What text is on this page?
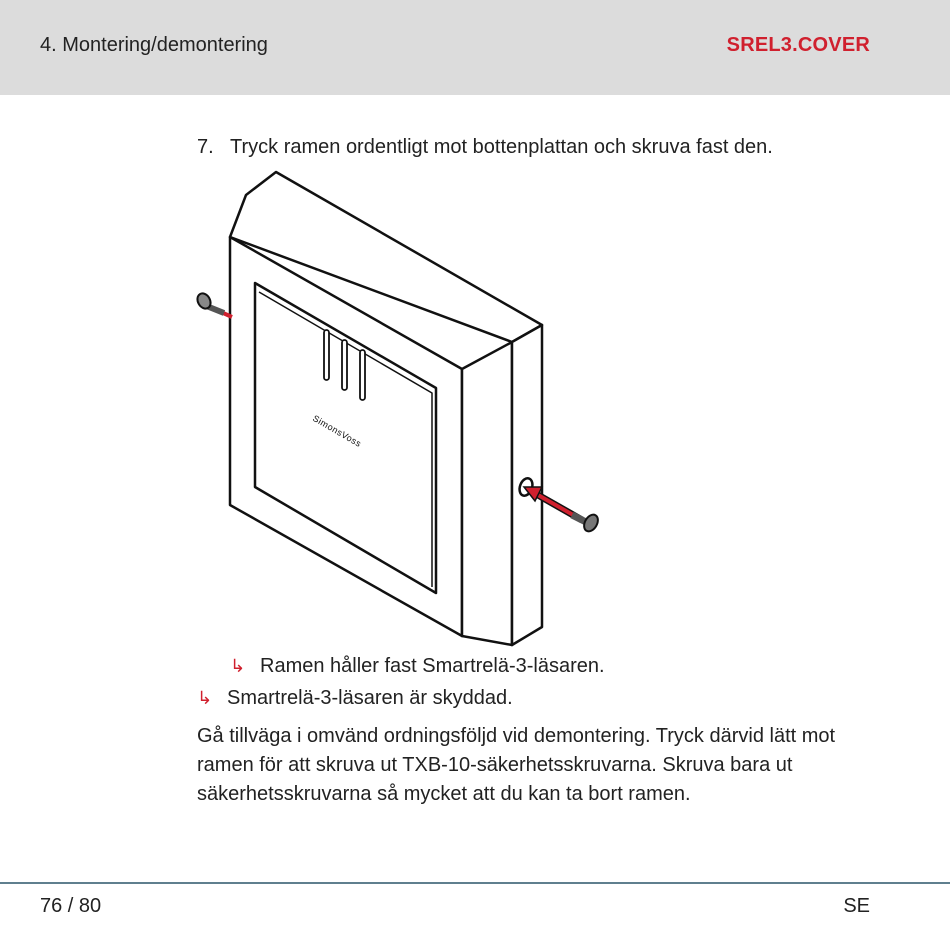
4. Montering/demontering	SREL3.COVER
7. Tryck ramen ordentligt mot bottenplattan och skruva fast den.
SimonsVoss
↳ Ramen håller fast Smartrelä-3-läsaren.
↳ Smartrelä-3-läsaren är skyddad.

Gå tillväga i omvänd ordningsföljd vid demontering. Tryck därvid lätt mot ramen för att skruva ut TXB-10-säkerhetsskruvarna. Skruva bara ut säkerhetsskruvarna så mycket att du kan ta bort ramen.

76 / 80	SE
